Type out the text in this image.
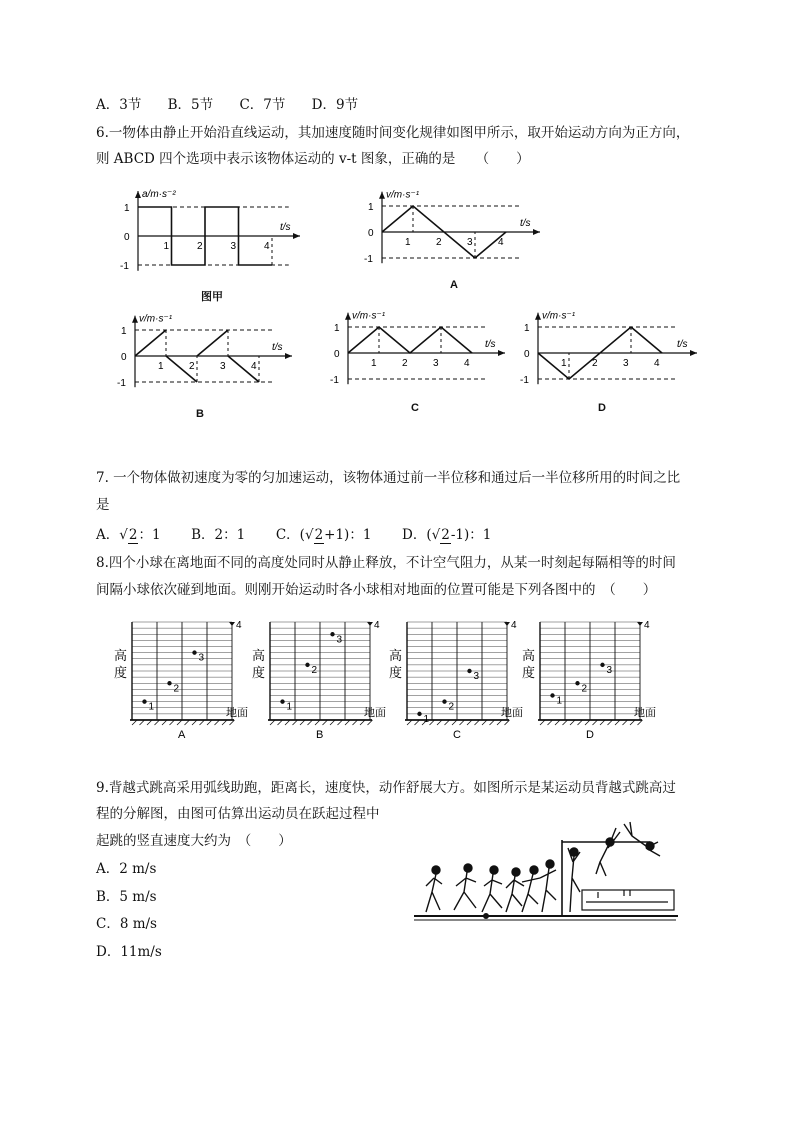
A．3节 B．5节 C．7节 D．9节
6.一物体由静止开始沿直线运动，其加速度随时间变化规律如图甲所示，取开始运动方向为正方向，
则 ABCD 四个选项中表示该物体运动的 v-t 图象，正确的是　　（　　）
1
0
-1
1	2	3	4
a/m·s⁻²
t/s
1
0
-1
1	2	3	4
v/m·s⁻¹
t/s
1
0
-1
1	2	3	4
v/m·s⁻¹
t/s
1
0
-1
1	2	3	4
v/m·s⁻¹
t/s
1
0
-1
1	2	3	4
v/m·s⁻¹
t/s
图甲
A
B	C	D
7. 一个物体做初速度为零的匀加速运动，该物体通过前一半位移和通过后一半位移所用的时间之比
是
A．√2：1 B．2：1 C．(√2+1)：1 D．(√2-1)：1
8.四个小球在离地面不同的高度处同时从静止释放，不计空气阻力，从某一时刻起每隔相等的时间
间隔小球依次碰到地面。则刚开始运动时各小球相对地面的位置可能是下列各图中的　（　　）
高
度
地面
A
1
2
3
4
高
度
地面
B
1
2
3
4
高
度
地面
C
1
2
3
4
高
度
地面
D
1
2
3
4
9.背越式跳高采用弧线助跑，距离长，速度快，动作舒展大方。如图所示是某运动员背越式跳高过
程的分解图，由图可估算出运动员在跃起过程中
起跳的竖直速度大约为　（　　）
A．2 m/s
B．5 m/s
C．8 m/s
D．11m/s
